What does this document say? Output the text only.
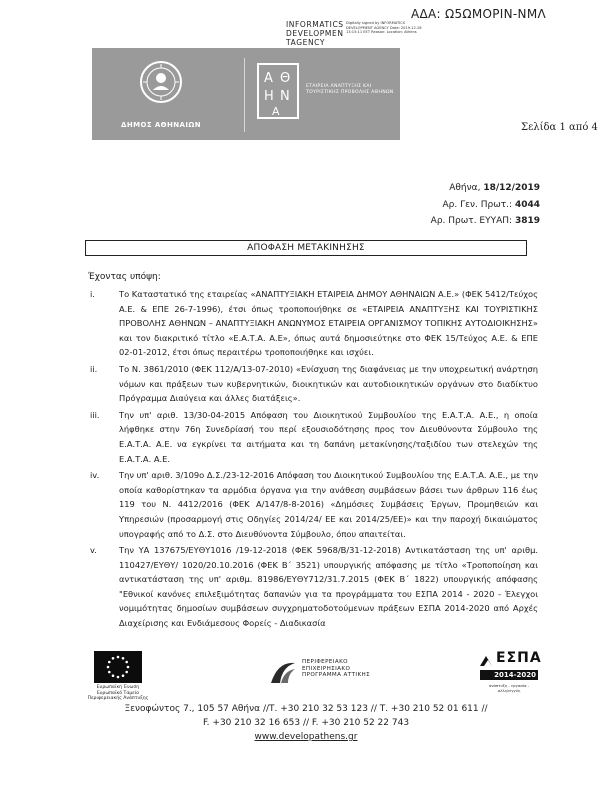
ΑΔΑ: Ω5ΩΜΟΡΙΝ-ΝΜΛ
INFORMATICS
DEVELOPMEN
TAGENCY
Digitally signed by INFORMATICS DEVELOPMENT AGENCY Date: 2019.12.18 13:15:11 EET Reason: Location: Athens
ΔΗΜΟΣ ΑΘΗΝΑΙΩΝ
Α Θ
Η Ν
Α
ΕΤΑΙΡΕΙΑ ΑΝΑΠΤΥΞΗΣ ΚΑΙ ΤΟΥΡΙΣΤΙΚΗΣ ΠΡΟΒΟΛΗΣ ΑΘΗΝΩΝ
Σελίδα 1 από 4
Αθήνα, 18/12/2019
Αρ. Γεν. Πρωτ.: 4044
Αρ. Πρωτ. ΕΥΥΑΠ: 3819
ΑΠΟΦΑΣΗ ΜΕΤΑΚΙΝΗΣΗΣ
Έχοντας υπόψη:
i.	Το Καταστατικό της εταιρείας «ΑΝΑΠΤΥΞΙΑΚΗ ΕΤΑΙΡΕΙΑ ΔΗΜΟΥ ΑΘΗΝΑΙΩΝ Α.Ε.» (ΦΕΚ 5412/Τεύχος Α.Ε. & ΕΠΕ 26-7-1996), έτσι όπως τροποποιήθηκε σε «ΕΤΑΙΡΕΙΑ ΑΝΑΠΤΥΞΗΣ ΚΑΙ ΤΟΥΡΙΣΤΙΚΗΣ ΠΡΟΒΟΛΗΣ ΑΘΗΝΩΝ – ΑΝΑΠΤΥΞΙΑΚΗ ΑΝΩΝΥΜΟΣ ΕΤΑΙΡΕΙΑ ΟΡΓΑΝΙΣΜΟΥ ΤΟΠΙΚΗΣ ΑΥΤΟΔΙΟΙΚΗΣΗΣ» και τον διακριτικό τίτλο «Ε.Α.Τ.Α. Α.Ε», όπως αυτά δημοσιεύτηκε στο ΦΕΚ 15/Τεύχος Α.Ε. & ΕΠΕ 02-01-2012, έτσι όπως περαιτέρω τροποποιήθηκε και ισχύει.
ii.	Το Ν. 3861/2010 (ΦΕΚ 112/Α/13-07-2010) «Ενίσχυση της διαφάνειας με την υποχρεωτική ανάρτηση νόμων και πράξεων των κυβερνητικών, διοικητικών και αυτοδιοικητικών οργάνων στο διαδίκτυο Πρόγραμμα Διαύγεια και άλλες διατάξεις».
iii. Την υπ' αριθ. 13/30-04-2015 Απόφαση του Διοικητικού Συμβουλίου της Ε.Α.Τ.Α. Α.Ε., η οποία λήφθηκε στην 76η Συνεδρίασή του περί εξουσιοδότησης προς τον Διευθύνοντα Σύμβουλο της Ε.Α.Τ.Α. Α.Ε. να εγκρίνει τα αιτήματα και τη δαπάνη μετακίνησης/ταξιδίου των στελεχών της Ε.Α.Τ.Α. Α.Ε.
iv. Την υπ' αριθ. 3/109ο Δ.Σ./23-12-2016 Απόφαση του Διοικητικού Συμβουλίου της Ε.Α.Τ.Α. Α.Ε., με την οποία καθορίστηκαν τα αρμόδια όργανα για την ανάθεση συμβάσεων βάσει των άρθρων 116 έως 119 του Ν. 4412/2016 (ΦΕΚ Α/147/8-8-2016) «Δημόσιες Συμβάσεις Έργων, Προμηθειών και Υπηρεσιών (προσαρμογή στις Οδηγίες 2014/24/ ΕΕ και 2014/25/ΕΕ)» και την παροχή δικαιώματος υπογραφής από το Δ.Σ. στο Διευθύνοντα Σύμβουλο, όπου απαιτείται.
v.	Την ΥΑ 137675/ΕΥΘΥ1016 /19-12-2018 (ΦΕΚ 5968/Β/31-12-2018) Αντικατάσταση της υπ' αριθμ. 110427/ΕΥΘΥ/ 1020/20.10.2016 (ΦΕΚ Β΄ 3521) υπουργικής απόφασης με τίτλο «Τροποποίηση και αντικατάσταση της υπ' αριθμ. 81986/ΕΥΘΥ712/31.7.2015 (ΦΕΚ Β΄ 1822) υπουργικής απόφασης "Εθνικοί κανόνες επιλεξιμότητας δαπανών για τα προγράμματα του ΕΣΠΑ 2014 - 2020 - Έλεγχοι νομιμότητας δημοσίων συμβάσεων συγχρηματοδοτούμενων πράξεων ΕΣΠΑ 2014-2020 από Αρχές Διαχείρισης και Ενδιάμεσους Φορείς - Διαδικασία
Ευρωπαϊκή Ένωση Ευρωπαϊκό Ταμείο Περιφερειακής Ανάπτυξης
ΠΕΡΙΦΕΡΕΙΑΚΟ ΕΠΙΧΕΙΡΗΣΙΑΚΟ ΠΡΟΓΡΑΜΜΑ ΑΤΤΙΚΗΣ
ΕΣΠΑ
2014-2020
ανάπτυξη - εργασία - αλληλεγγύη
Ξενοφώντος 7., 105 57 Αθήνα //Τ. +30 210 32 53 123 // Τ. +30 210 52 01 611 //
F. +30 210 32 16 653 // F. +30 210 52 22 743
www.developathens.gr
